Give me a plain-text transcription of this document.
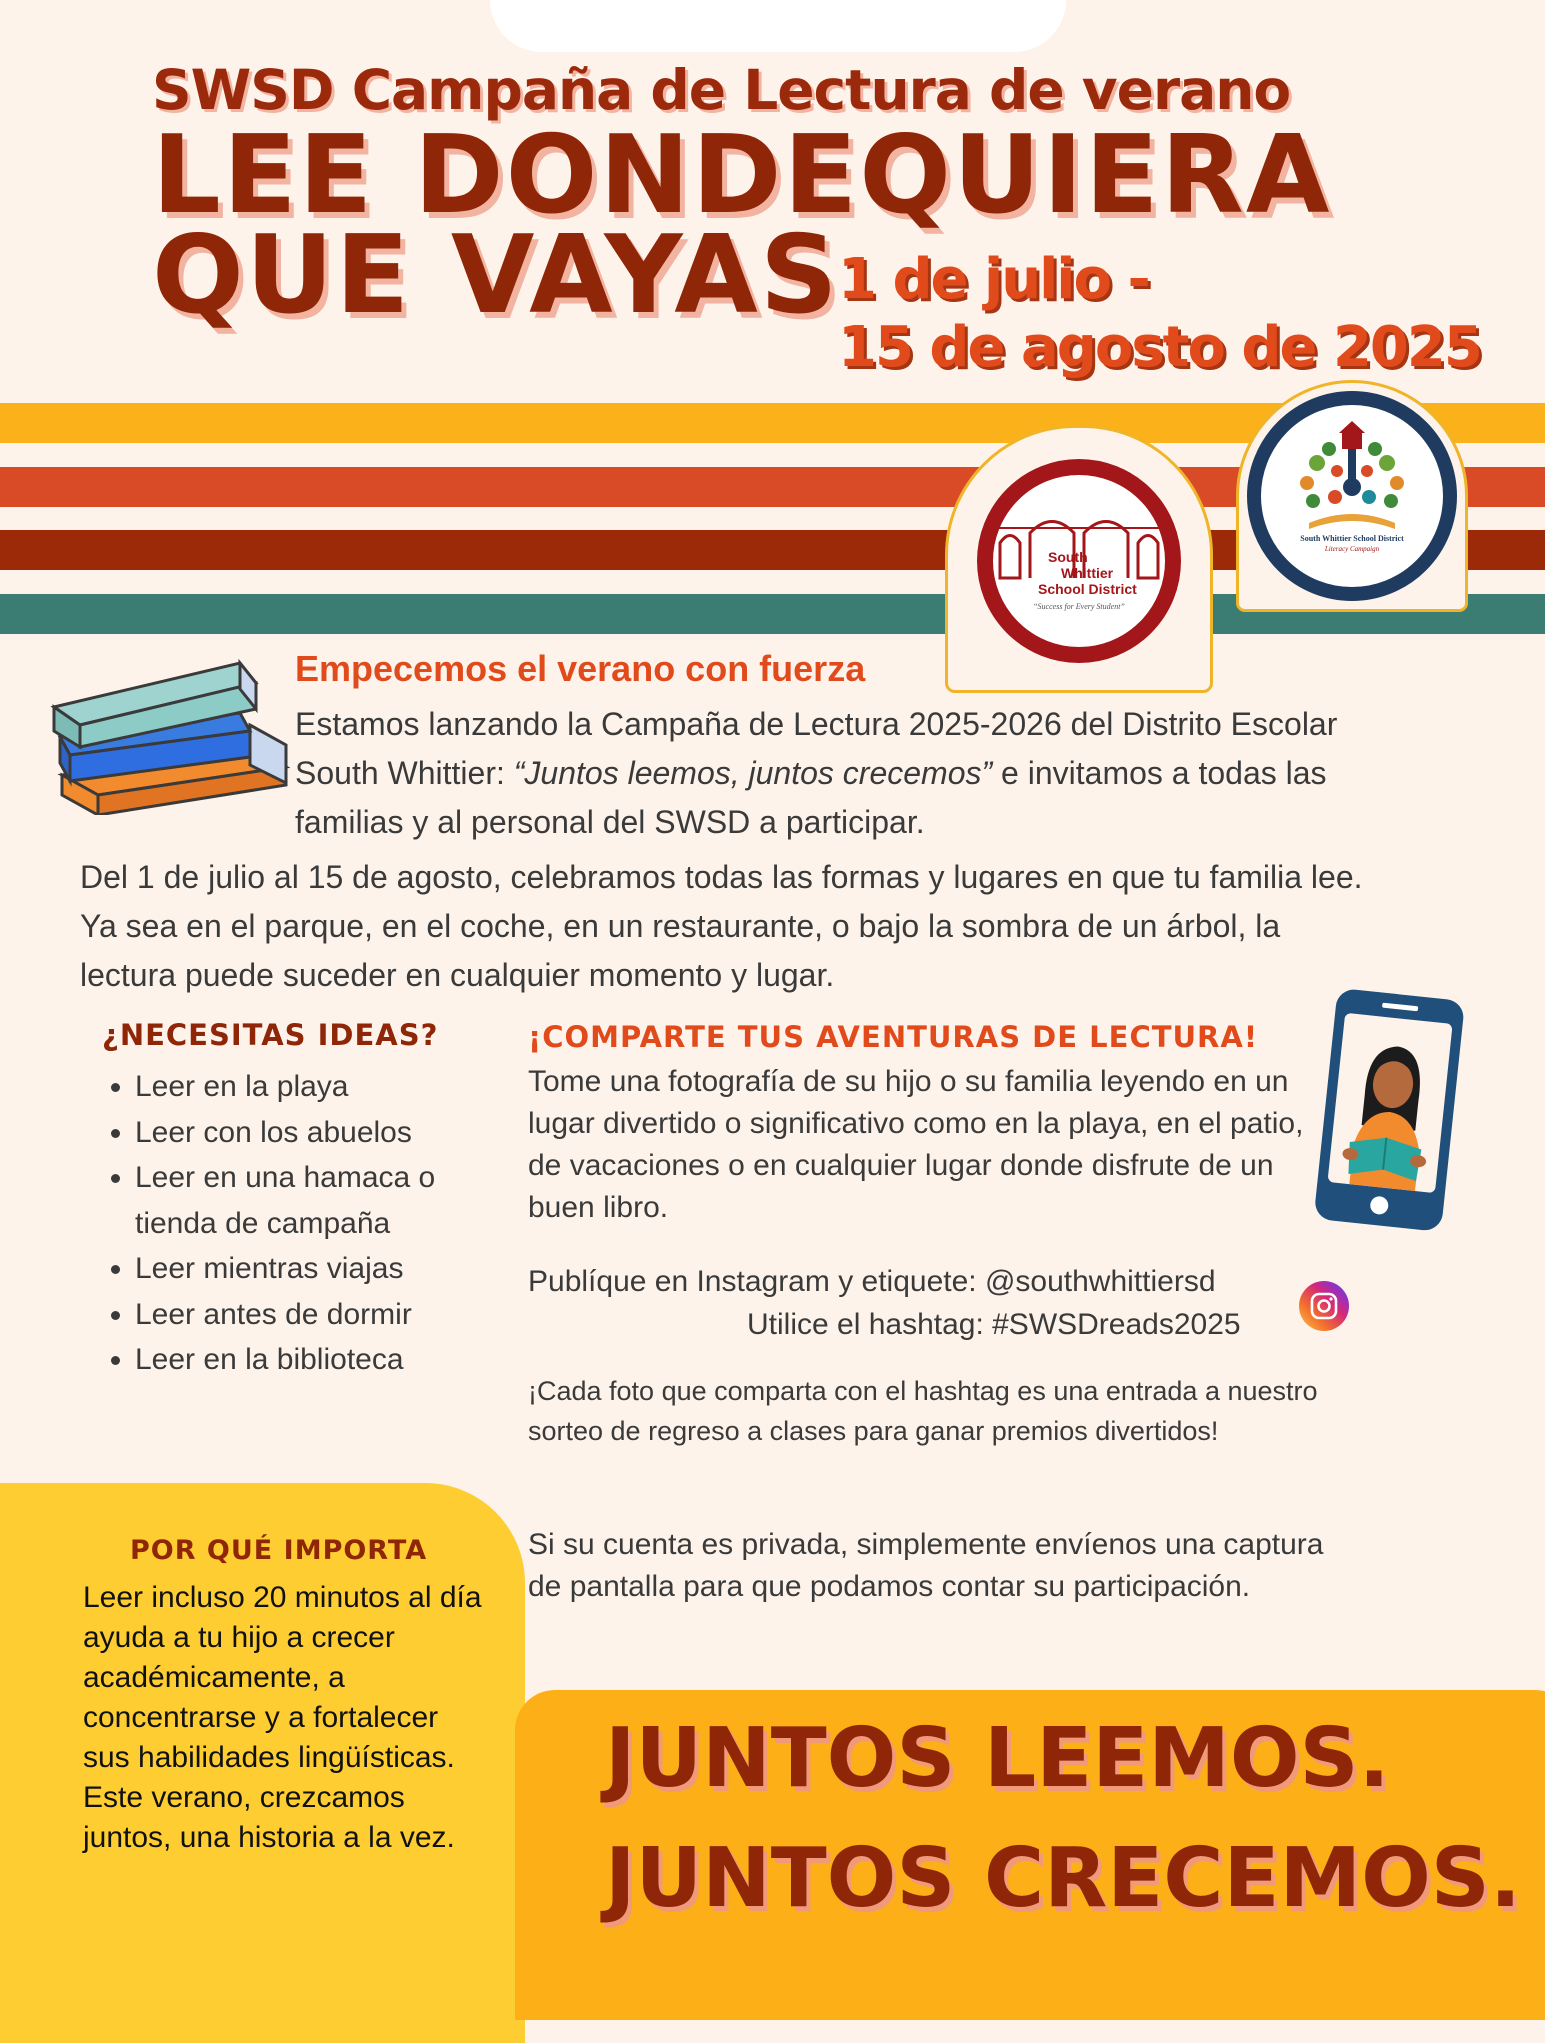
SWSD Campaña de Lectura de verano
LEE DONDEQUIERA
QUE VAYAS
1 de julio -
15 de agosto de 2025
South
Whittier
School District
“Success for Every Student”
TOGETHER WE READ, TOGETHER WE GROW
JUNTOS LEEMOS, JUNTOS CRECEMOS
South Whittier School District
Literacy Campaign
Empecemos el verano con fuerza

Estamos lanzando la Campaña de Lectura 2025-2026 del Distrito Escolar South Whittier: “Juntos leemos, juntos crecemos” e invitamos a todas las familias y al personal del SWSD a participar.

Del 1 de julio al 15 de agosto, celebramos todas las formas y lugares en que tu familia lee. Ya sea en el parque, en el coche, en un restaurante, o bajo la sombra de un árbol, la lectura puede suceder en cualquier momento y lugar.
¿NECESITAS IDEAS?
• Leer en la playa
• Leer con los abuelos
• Leer en una hamaca o tienda de campaña
• Leer mientras viajas
• Leer antes de dormir
• Leer en la biblioteca
¡COMPARTE TUS AVENTURAS DE LECTURA!
Tome una fotografía de su hijo o su familia leyendo en un lugar divertido o significativo como en la playa, en el patio, de vacaciones o en cualquier lugar donde disfrute de un buen libro.
Publíque en Instagram y etiquete: @southwhittiersd
Utilice el hashtag: #SWSDreads2025
¡Cada foto que comparta con el hashtag es una entrada a nuestro sorteo de regreso a clases para ganar premios divertidos!
Si su cuenta es privada, simplemente envíenos una captura de pantalla para que podamos contar su participación.
POR QUÉ IMPORTA
Leer incluso 20 minutos al día ayuda a tu hijo a crecer académicamente, a concentrarse y a fortalecer sus habilidades lingüísticas. Este verano, crezcamos juntos, una historia a la vez.
JUNTOS LEEMOS.
JUNTOS CRECEMOS.
